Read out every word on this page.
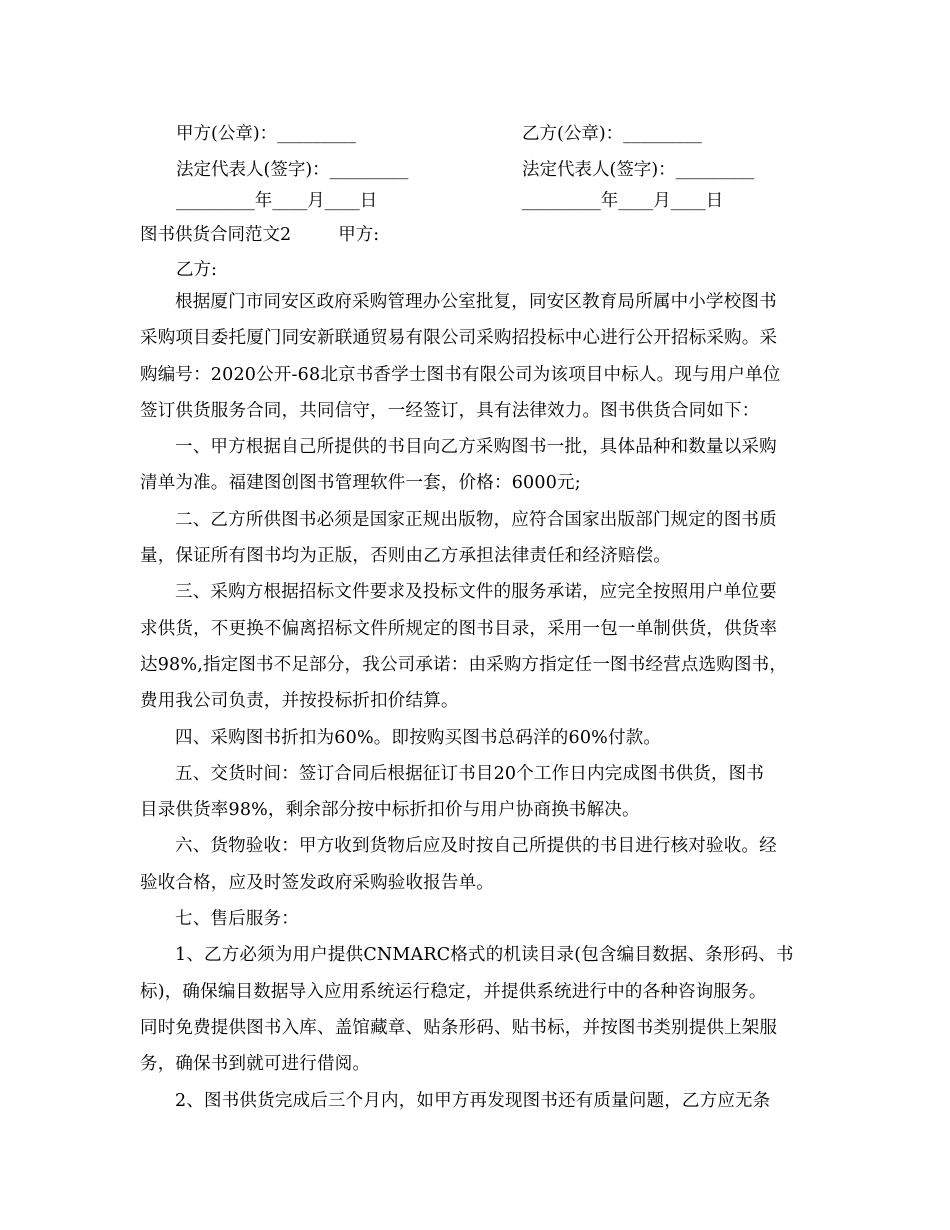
甲方(公章)：_________	乙方(公章)：_________
法定代表人(签字)：_________	法定代表人(签字)：_________
_________年____月____日	_________年____月____日
图书供货合同范文2	甲方:
乙方:
根据厦门市同安区政府采购管理办公室批复，同安区教育局所属中小学校图书
采购项目委托厦门同安新联通贸易有限公司采购招投标中心进行公开招标采购。采
购编号：2020公开-68北京书香学士图书有限公司为该项目中标人。现与用户单位
签订供货服务合同，共同信守，一经签订，具有法律效力。图书供货合同如下：
一、甲方根据自己所提供的书目向乙方采购图书一批，具体品种和数量以采购
清单为准。福建图创图书管理软件一套，价格：6000元;
二、乙方所供图书必须是国家正规出版物，应符合国家出版部门规定的图书质
量，保证所有图书均为正版，否则由乙方承担法律责任和经济赔偿。
三、采购方根据招标文件要求及投标文件的服务承诺，应完全按照用户单位要
求供货，不更换不偏离招标文件所规定的图书目录，采用一包一单制供货，供货率
达98%,指定图书不足部分，我公司承诺：由采购方指定任一图书经营点选购图书，
费用我公司负责，并按投标折扣价结算。
四、采购图书折扣为60%。即按购买图书总码洋的60%付款。
五、交货时间：签订合同后根据征订书目20个工作日内完成图书供货，图书
目录供货率98%，剩余部分按中标折扣价与用户协商换书解决。
六、货物验收：甲方收到货物后应及时按自己所提供的书目进行核对验收。经
验收合格，应及时签发政府采购验收报告单。
七、售后服务：
1、乙方必须为用户提供CNMARC格式的机读目录(包含编目数据、条形码、书
标)，确保编目数据导入应用系统运行稳定，并提供系统进行中的各种咨询服务。
同时免费提供图书入库、盖馆藏章、贴条形码、贴书标，并按图书类别提供上架服
务，确保书到就可进行借阅。
2、图书供货完成后三个月内，如甲方再发现图书还有质量问题，乙方应无条
